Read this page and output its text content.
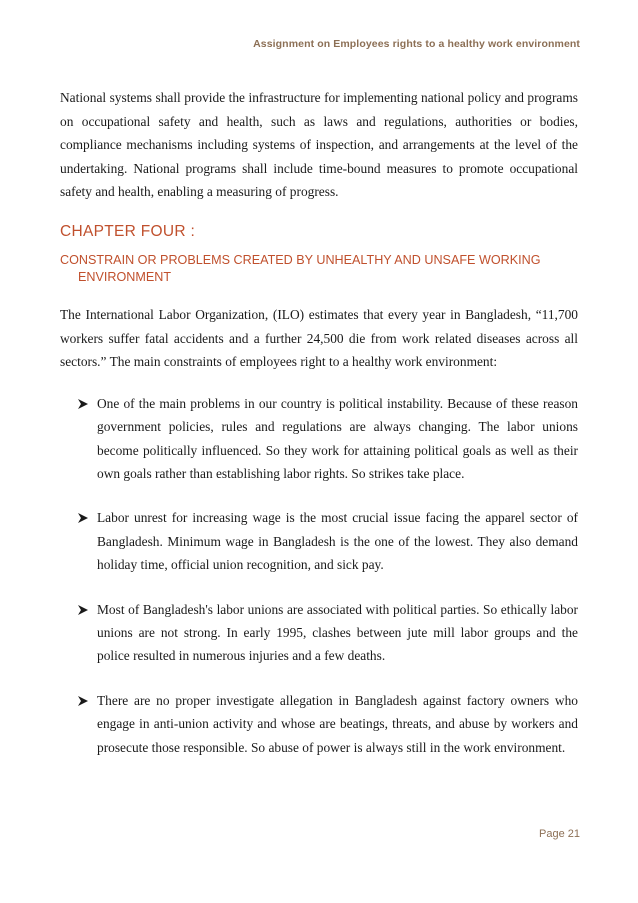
Assignment on Employees rights to a healthy work environment

National systems shall provide the infrastructure for implementing national policy and programs on occupational safety and health, such as laws and regulations, authorities or bodies, compliance mechanisms including systems of inspection, and arrangements at the level of the undertaking. National programs shall include time-bound measures to promote occupational safety and health, enabling a measuring of progress.

CHAPTER FOUR :
CONSTRAIN OR PROBLEMS CREATED BY UNHEALTHY AND UNSAFE WORKING ENVIRONMENT

The International Labor Organization, (ILO) estimates that every year in Bangladesh, “11,700 workers suffer fatal accidents and a further 24,500 die from work related diseases across all sectors.” The main constraints of employees right to a healthy work environment:

One of the main problems in our country is political instability. Because of these reason government policies, rules and regulations are always changing. The labor unions become politically influenced. So they work for attaining political goals as well as their own goals rather than establishing labor rights. So strikes take place.

Labor unrest for increasing wage is the most crucial issue facing the apparel sector of Bangladesh. Minimum wage in Bangladesh is the one of the lowest. They also demand holiday time, official union recognition, and sick pay.

Most of Bangladesh's labor unions are associated with political parties. So ethically labor unions are not strong. In early 1995, clashes between jute mill labor groups and the police resulted in numerous injuries and a few deaths.

There are no proper investigate allegation in Bangladesh against factory owners who engage in anti-union activity and whose are beatings, threats, and abuse by workers and prosecute those responsible. So abuse of power is always still in the work environment.

Page 21
